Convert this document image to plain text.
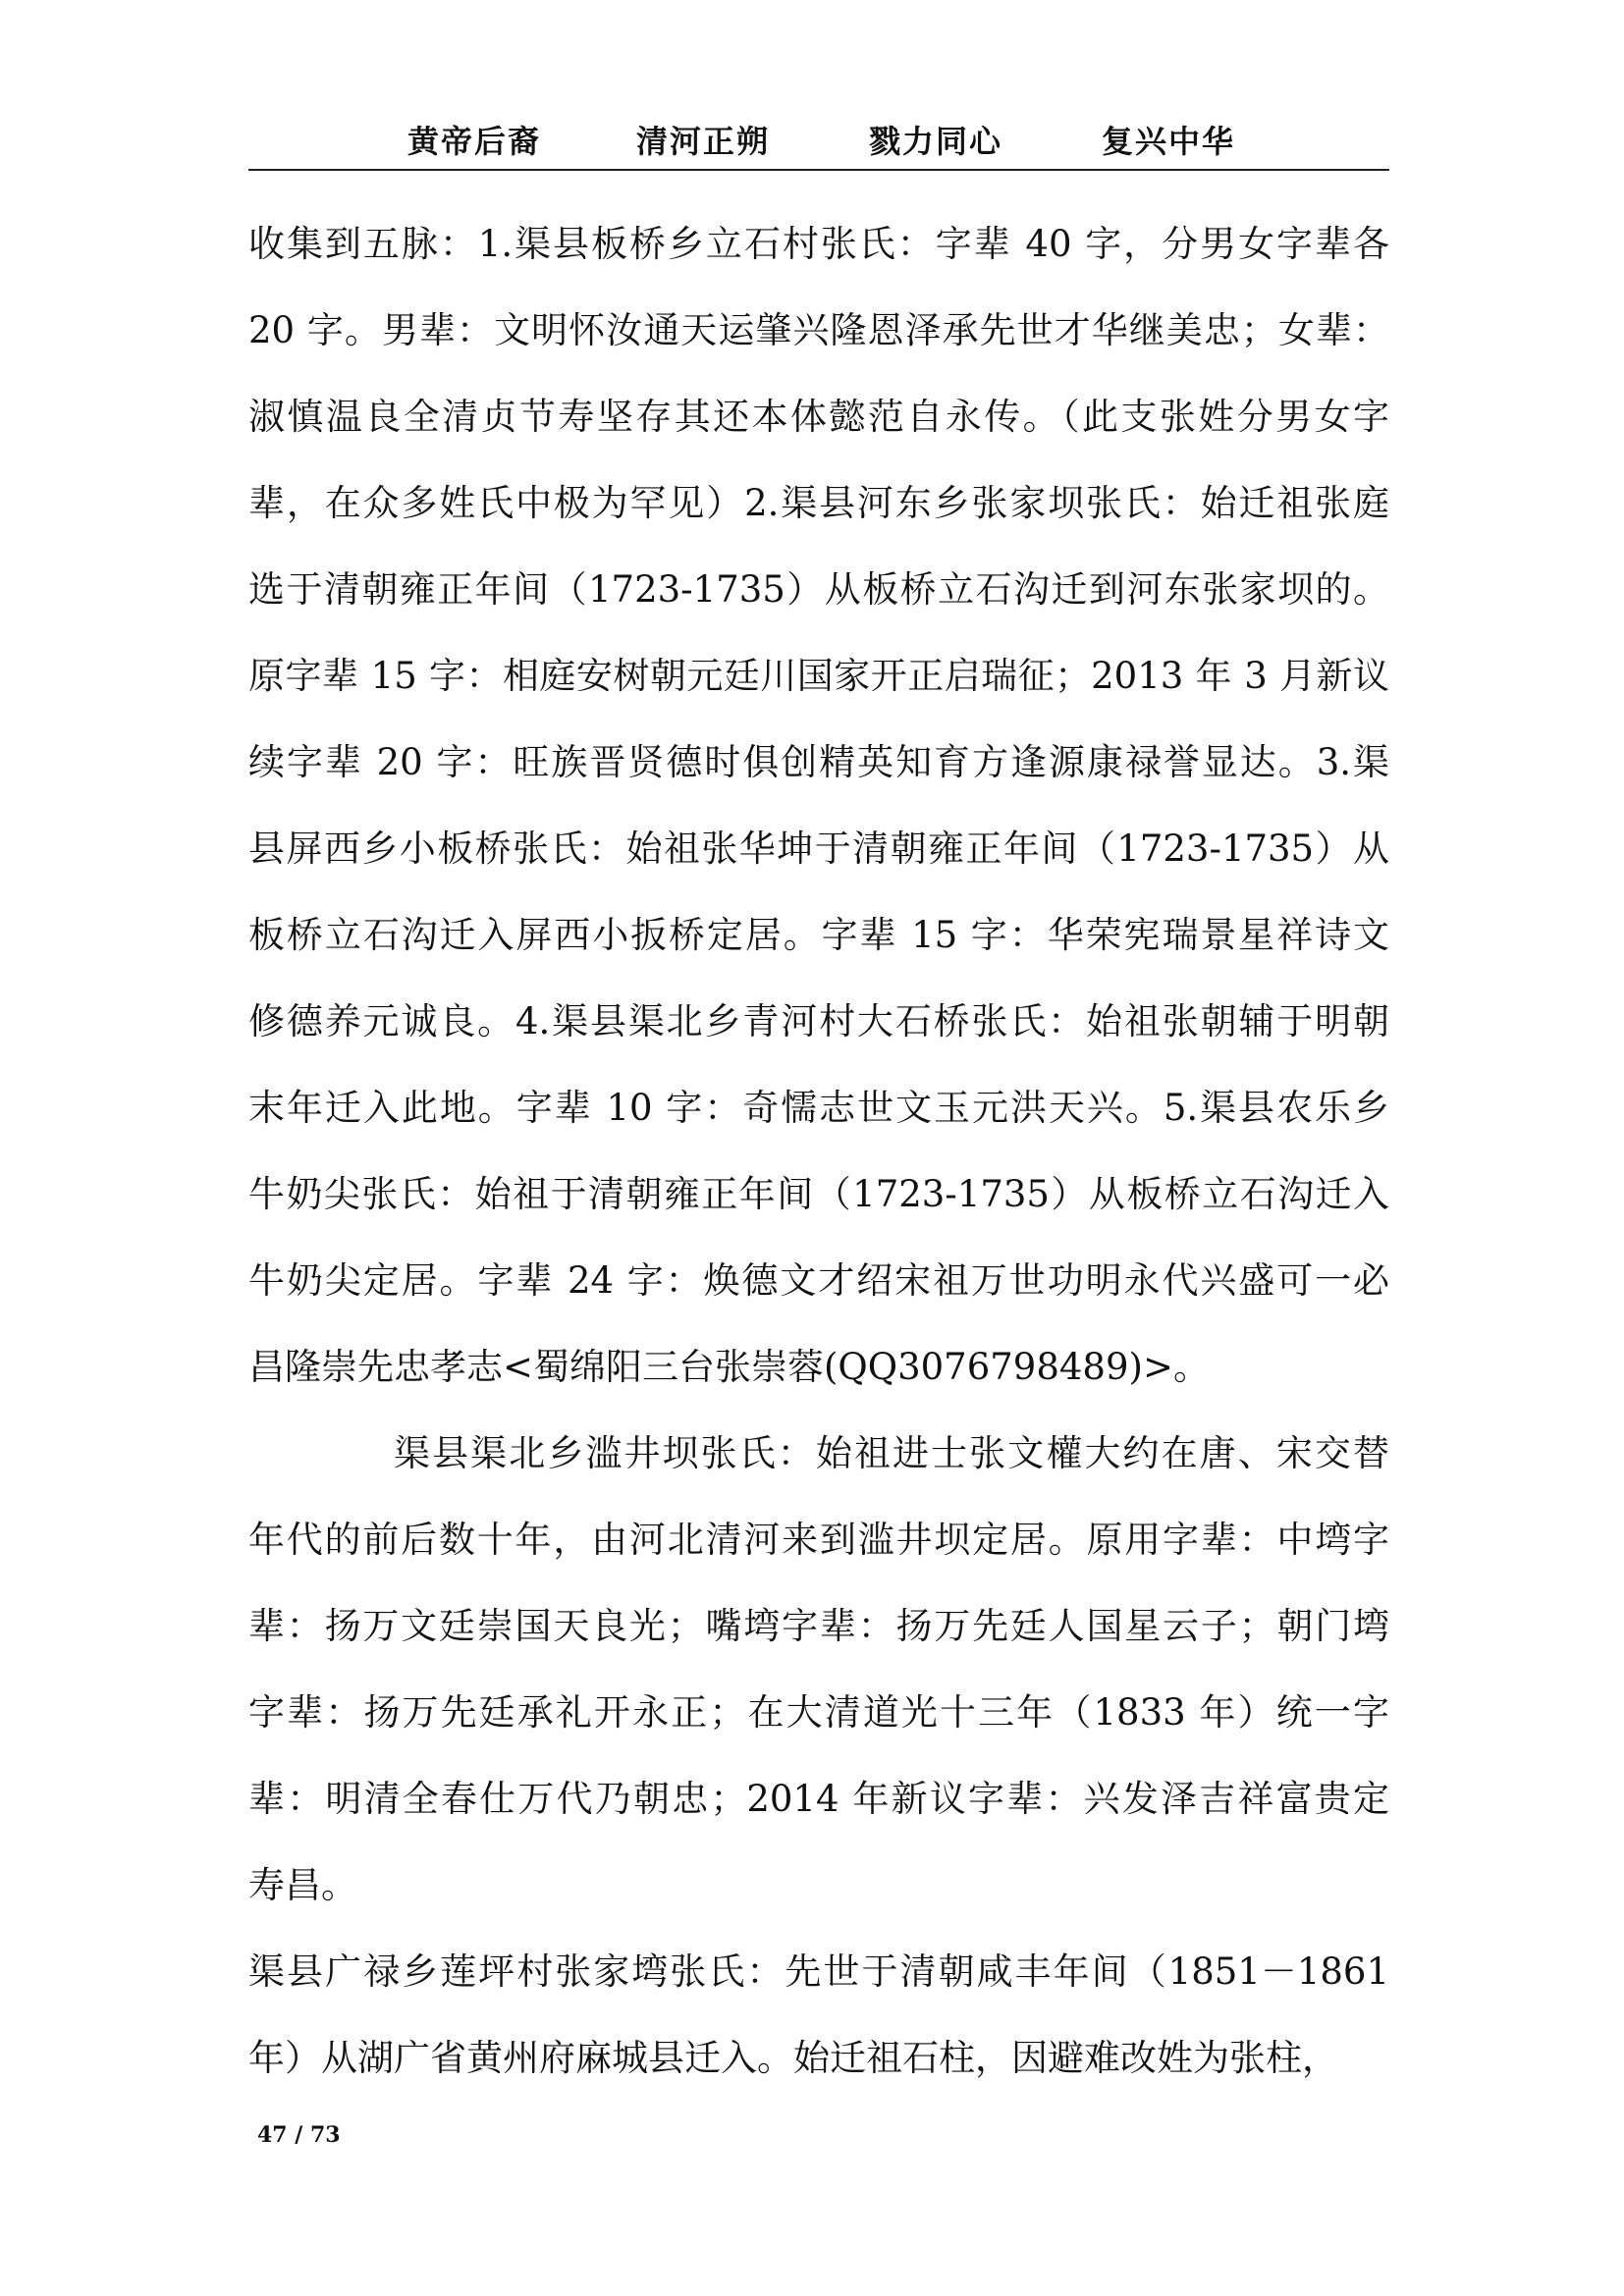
黄帝后裔	清河正朔	戮力同心	复兴中华
收集到五脉：1.渠县板桥乡立石村张氏：字辈 40 字，分男女字辈各
20 字。男辈：文明怀汝通天运肇兴隆恩泽承先世才华继美忠；女辈：
淑慎温良全清贞节寿坚存其还本体懿范自永传。（此支张姓分男女字
辈，在众多姓氏中极为罕见）2.渠县河东乡张家坝张氏：始迁祖张庭
选于清朝雍正年间（1723-1735）从板桥立石沟迁到河东张家坝的。
原字辈 15 字：相庭安树朝元廷川国家开正启瑞征；2013 年 3 月新议
续字辈 20 字：旺族晋贤德时俱创精英知育方逢源康禄誉显达。3.渠
县屏西乡小板桥张氏：始祖张华坤于清朝雍正年间（1723-1735）从
板桥立石沟迁入屏西小扳桥定居。字辈 15 字：华荣宪瑞景星祥诗文
修德养元诚良。4.渠县渠北乡青河村大石桥张氏：始祖张朝辅于明朝
末年迁入此地。字辈 10 字：奇懦志世文玉元洪天兴。5.渠县农乐乡
牛奶尖张氏：始祖于清朝雍正年间（1723-1735）从板桥立石沟迁入
牛奶尖定居。字辈 24 字：焕德文才绍宋祖万世功明永代兴盛可一必
昌隆崇先忠孝志<蜀绵阳三台张崇蓉(QQ3076798489)>。
渠县渠北乡滥井坝张氏：始祖进士张文權大约在唐、宋交替
年代的前后数十年，由河北清河来到滥井坝定居。原用字辈：中塆字
辈：扬万文廷崇国天良光；嘴塆字辈：扬万先廷人国星云子；朝门塆
字辈：扬万先廷承礼开永正；在大清道光十三年（1833 年）统一字
辈：明清全春仕万代乃朝忠；2014 年新议字辈：兴发泽吉祥富贵定
寿昌。
渠县广禄乡莲坪村张家塆张氏：先世于清朝咸丰年间（1851－1861
年）从湖广省黄州府麻城县迁入。始迁祖石柱，因避难改姓为张柱，
47 / 73
